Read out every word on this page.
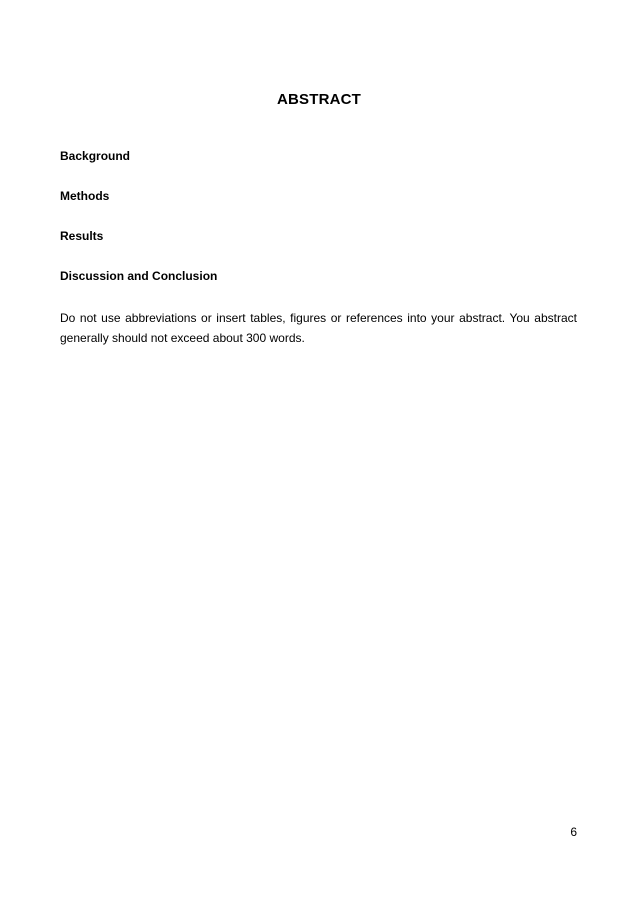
ABSTRACT
Background
Methods
Results
Discussion and Conclusion
Do not use abbreviations or insert tables, figures or references into your abstract. You abstract generally should not exceed about 300 words.
6
